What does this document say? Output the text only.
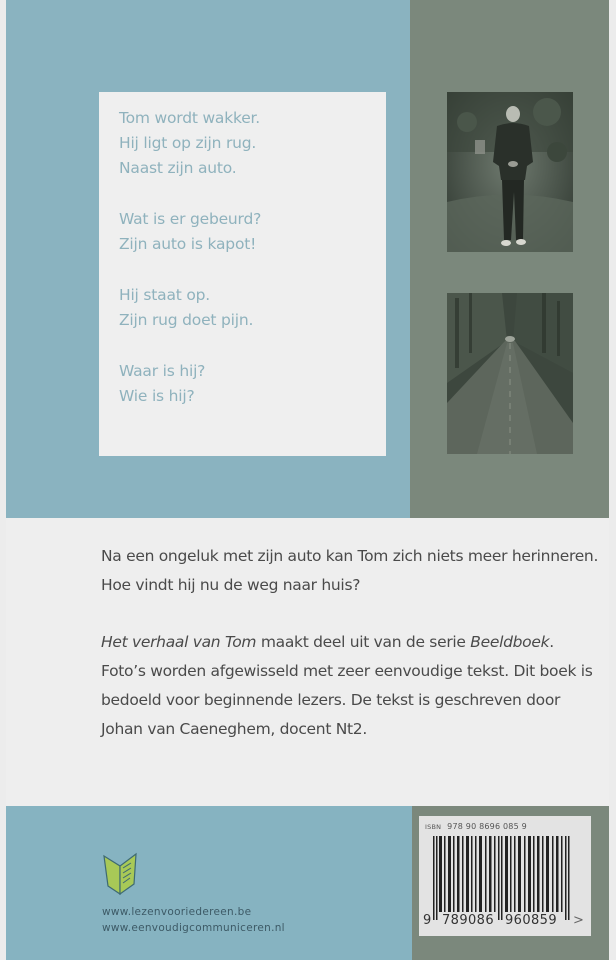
Tom wordt wakker.
Hij ligt op zijn rug.
Naast zijn auto.
Wat is er gebeurd?
Zijn auto is kapot!
Hij staat op.
Zijn rug doet pijn.
Waar is hij?
Wie is hij?
Na een ongeluk met zijn auto kan Tom zich niets meer herinneren. Hoe vindt hij nu de weg naar huis?
Het verhaal van Tom maakt deel uit van de serie Beeldboek. Foto’s worden afgewisseld met zeer eenvoudige tekst. Dit boek is bedoeld voor beginnende lezers. De tekst is geschreven door Johan van Caeneghem, docent Nt2.
www.lezenvooriedereen.be
www.eenvoudigcommuniceren.nl
ISBN 978 90 8696 085 9
9 789086 960859 >
